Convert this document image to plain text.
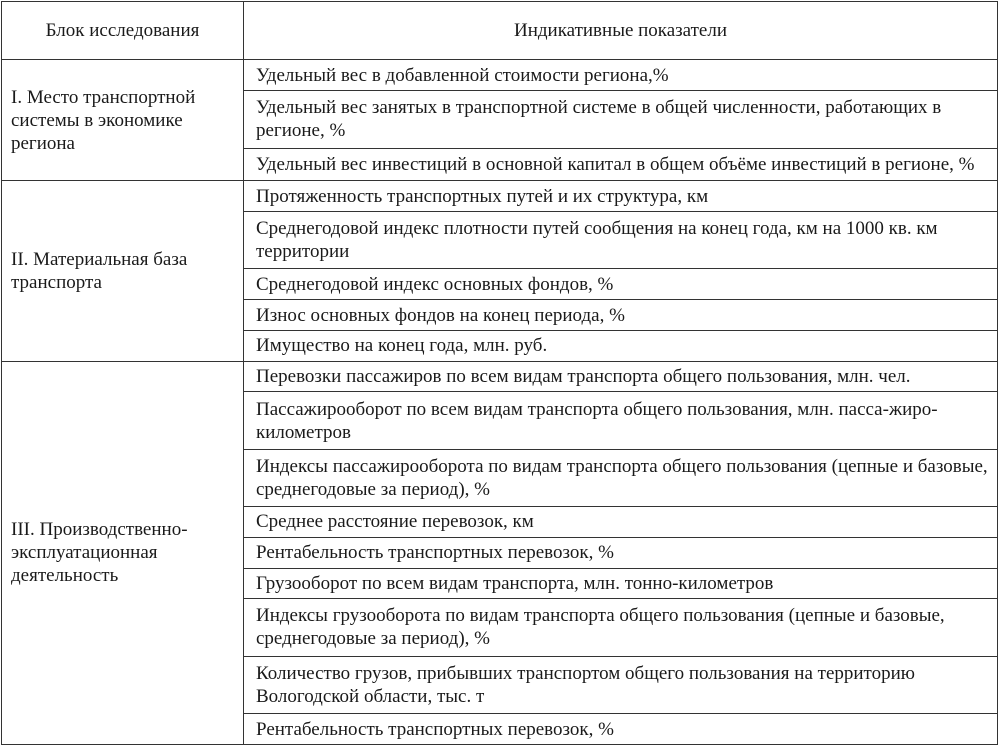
Блок исследования	Индикативные показатели
I. Место транспортной системы в экономике региона	Удельный вес в добавленной стоимости региона,%
	Удельный вес занятых в транспортной системе в общей численности, работающих в регионе, %
	Удельный вес инвестиций в основной капитал в общем объёме инвестиций в регионе, %
II. Материальная база транспорта	Протяженность транспортных путей и их структура, км
	Среднегодовой индекс плотности путей сообщения на конец года, км на 1000 кв. км территории
	Среднегодовой индекс основных фондов, %
	Износ основных фондов на конец периода, %
	Имущество на конец года, млн. руб.
III. Производственно-эксплуатационная деятельность	Перевозки пассажиров по всем видам транспорта общего пользования, млн. чел.
	Пассажирооборот по всем видам транспорта общего пользования, млн. пасса-жиро-километров
	Индексы пассажирооборота по видам транспорта общего пользования (цепные и базовые, среднегодовые за период), %
	Среднее расстояние перевозок, км
	Рентабельность транспортных перевозок, %
	Грузооборот по всем видам транспорта, млн. тонно-километров
	Индексы грузооборота по видам транспорта общего пользования (цепные и базовые, среднегодовые за период), %
	Количество грузов, прибывших транспортом общего пользования на территорию Вологодской области, тыс. т
	Рентабельность транспортных перевозок, %
